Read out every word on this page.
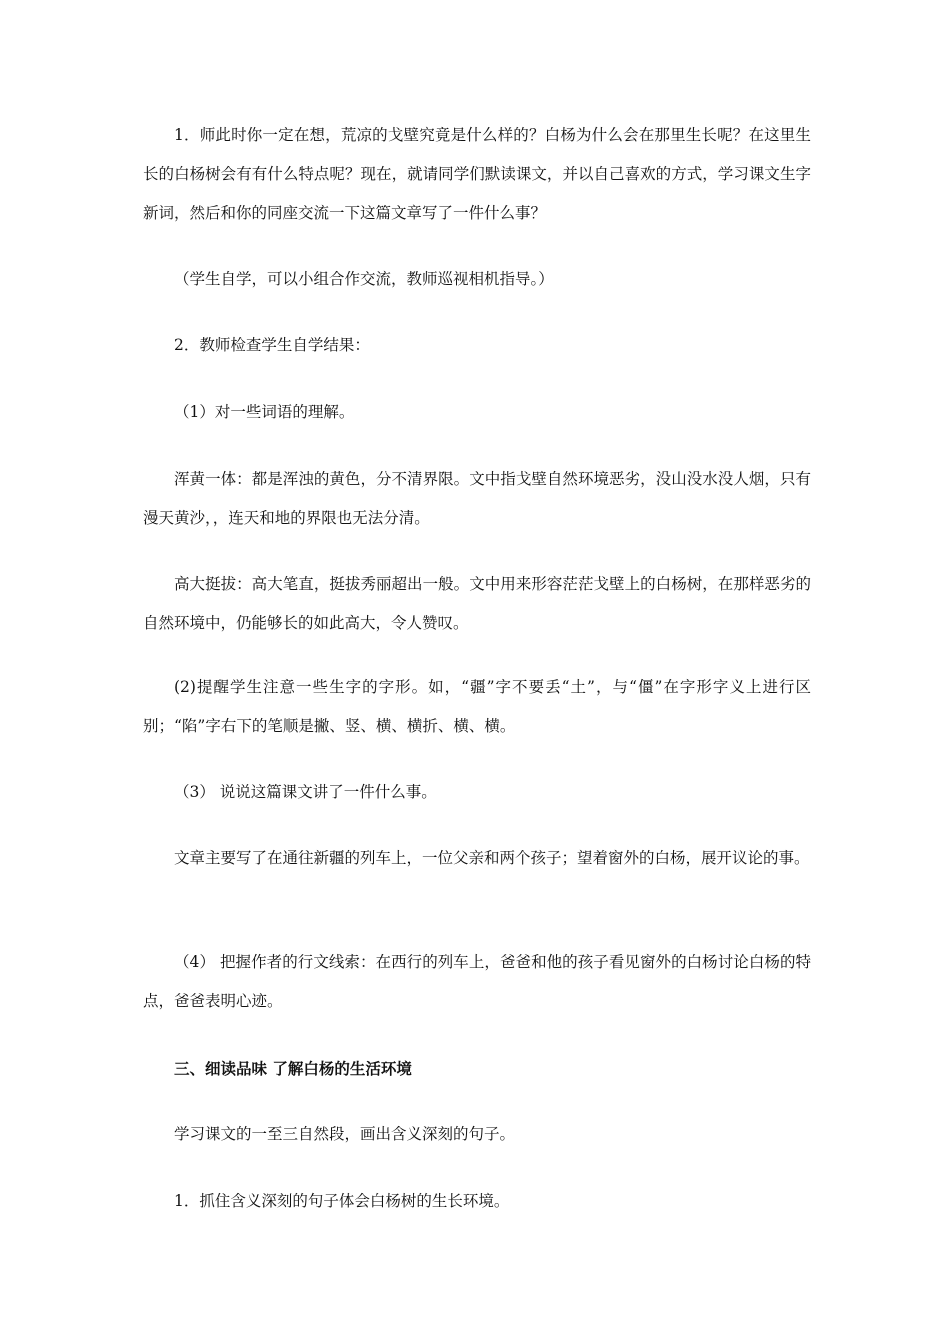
1．师此时你一定在想，荒凉的戈壁究竟是什么样的？白杨为什么会在那里生长呢？在这里生长的白杨树会有有什么特点呢？现在，就请同学们默读课文，并以自己喜欢的方式，学习课文生字新词，然后和你的同座交流一下这篇文章写了一件什么事？

（学生自学，可以小组合作交流，教师巡视相机指导。）

2．教师检查学生自学结果：

（1）对一些词语的理解。

浑黄一体：都是浑浊的黄色，分不清界限。文中指戈壁自然环境恶劣，没山没水没人烟，只有漫天黄沙，，连天和地的界限也无法分清。

高大挺拔：高大笔直，挺拔秀丽超出一般。文中用来形容茫茫戈壁上的白杨树，在那样恶劣的自然环境中，仍能够长的如此高大，令人赞叹。

(2)提醒学生注意一些生字的字形。如，“疆”字不要丢“土”，与“僵”在字形字义上进行区别；“陷”字右下的笔顺是撇、竖、横、横折、横、横。

（3） 说说这篇课文讲了一件什么事。

文章主要写了在通往新疆的列车上，一位父亲和两个孩子；望着窗外的白杨，展开议论的事。

（4） 把握作者的行文线索：在西行的列车上，爸爸和他的孩子看见窗外的白杨讨论白杨的特点，爸爸表明心迹。

三、细读品味 了解白杨的生活环境

学习课文的一至三自然段，画出含义深刻的句子。

1．抓住含义深刻的句子体会白杨树的生长环境。
